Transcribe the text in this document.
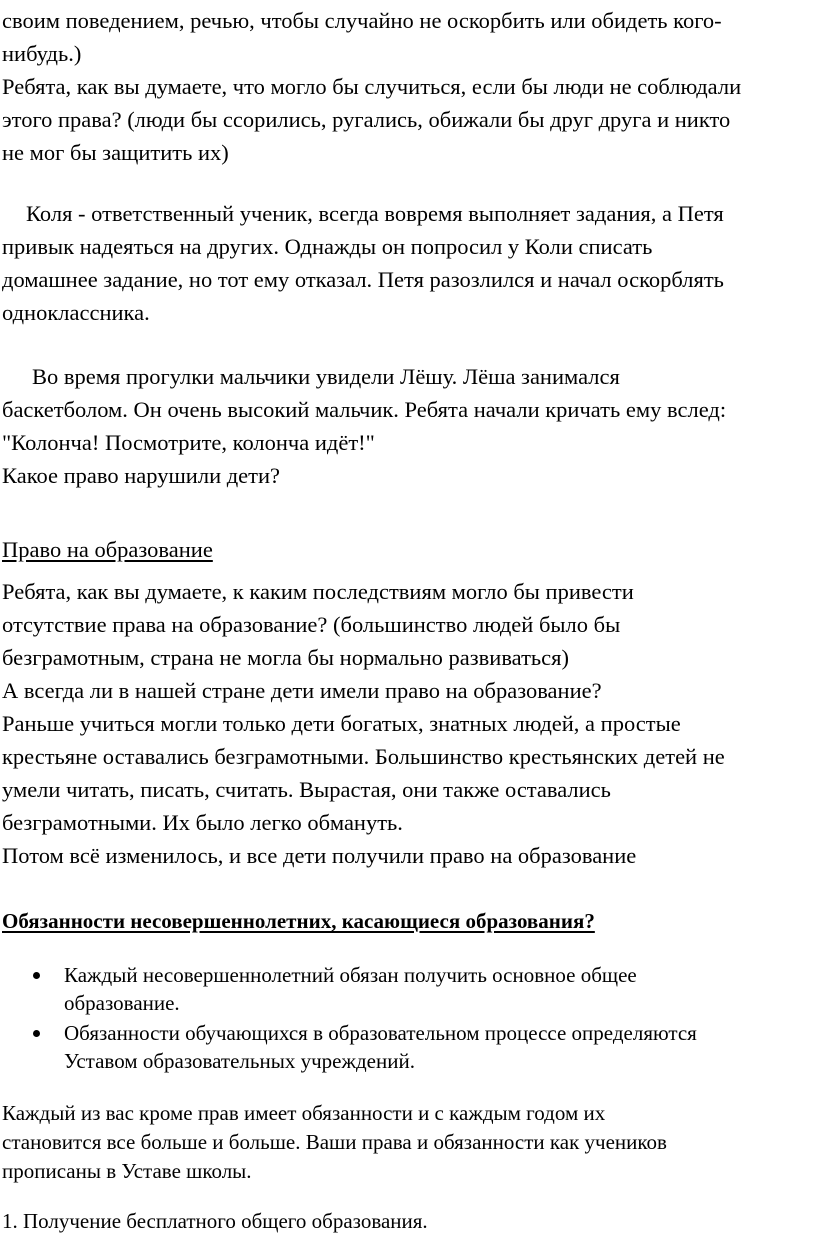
своим поведением, речью, чтобы случайно не оскорбить или обидеть кого-
нибудь.)
Ребята, как вы думаете, что могло бы случиться, если бы люди не соблюдали
этого права? (люди бы ссорились, ругались, обижали бы друг друга и никто
не мог бы защитить их)
Коля - ответственный ученик, всегда вовремя выполняет задания, а Петя
привык надеяться на других. Однажды он попросил у Коли списать
домашнее задание, но тот ему отказал. Петя разозлился и начал оскорблять
одноклассника.
Во время прогулки мальчики увидели Лёшу. Лёша занимался
баскетболом. Он очень высокий мальчик. Ребята начали кричать ему вслед:
"Колонча! Посмотрите, колонча идёт!"
Какое право нарушили дети?
Право на образование
Ребята, как вы думаете, к каким последствиям могло бы привести
отсутствие права на образование? (большинство людей было бы
безграмотным, страна не могла бы нормально развиваться)
А всегда ли в нашей стране дети имели право на образование?
Раньше учиться могли только дети богатых, знатных людей, а простые
крестьяне оставались безграмотными. Большинство крестьянских детей не
умели читать, писать, считать. Вырастая, они также оставались
безграмотными. Их было легко обмануть.
Потом всё изменилось, и все дети получили право на образование
Обязанности несовершеннолетних, касающиеся образования?
Каждый несовершеннолетний обязан получить основное общее
образование.
Обязанности обучающихся в образовательном процессе определяются
Уставом образовательных учреждений.
Каждый из вас кроме прав имеет обязанности и с каждым годом их
становится все больше и больше. Ваши права и обязанности как учеников
прописаны в Уставе школы.
1. Получение бесплатного общего образования.
